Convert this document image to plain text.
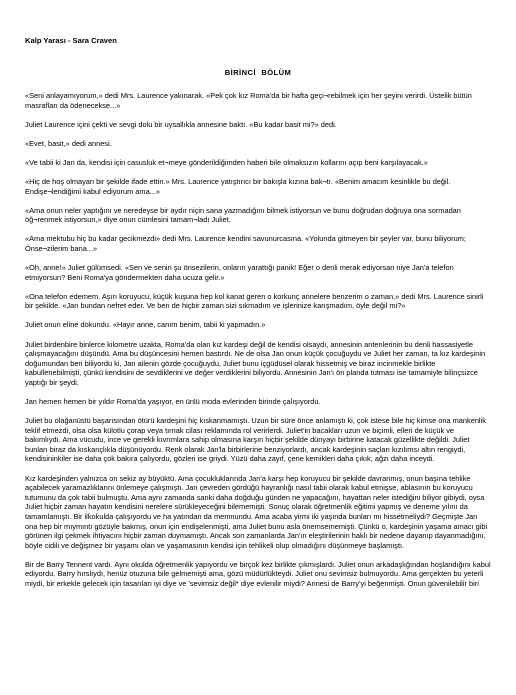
Kalp Yarası - Sara Craven
BİRİNCİ BÖLÜM
«Seni anlayamıyorum,» dedi Mrs. Laurence yakınarak. «Pek çok kız Roma'da bir hafta geçi¬rebilmek için her şeyini verirdi. Üstelik bütün masrafları da ödenecekse...»
Juliet Laurence içini çekti ve sevgi dolu bir uysallıkla annesine baktı. «Bu kadar basit mi?» dedi.
«Evet, basit,» dedi annesi.
«Ve tabii ki Jan da, kendisi için casusluk et¬meye gönderildiğimden haberi bile olmaksızın kollarını açıp beni karşılayacak.»
«Hiç de hoş olmayan bir şekilde ifade ettin.» Mrs. Laurence yatıştırıcı bir bakışla kızına bak¬tı. «Benim amacım kesinlikle bu değil. Endişe¬lendiğimi kabul ediyorum ama...»
«Ama onun neler yaptığını ve neredeyse bir aydır niçin sana yazmadığını bilmek istiyorsun ve bunu doğrudan doğruya ona sormadan öğ¬renmek istiyorsun,» diye onun cümlesini tamam¬ladı Juliet.
«Ama mektubu hiç bu kadar gecikmezdi» dedi Mrs. Laurence kendini savunurcasına. «Yolunda gitmeyen bir şeyler var, bunu biliyorum; Önse¬zilerim bana...»
«Oh, anne!» Juliet gülümsedi. «Sen ve senin şu önsezilerin, onların yarattığı panik! Eğer o denli merak ediyorsan niye Jan'a telefon etmiyorsun? Beni Roma'ya göndermekten daha ucuza gelir.»
«Ona telefon edemem. Aşırı koruyucu, küçük kuşuna hep kol kanat geren o korkunç annelere benzerim o zaman,» dedi Mrs. Laurence sinirli bir şekilde. «Jan bundan nefret eder. Ve ben de hiçbir zaman sizi sıkmadım ve işlerinize karışmadım, öyle değil mi?»
Juliet onun eline dokundu. «Hayır anne, canım benim, tabii ki yapmadın.»
Juliet birdenbire binlerce kilometre uzakta, Roma'da olan kız kardeşi değil de kendisi olsaydı, annesinin antenlerinin bu denli hassasiyetle çalışmayacağını düşündü. Ama bu düşüncesini hemen bastırdı. Ne de olsa Jan onun küçük çocuğuydu ve Juliet her zaman, ta kız kardeşinin doğumundan beri biliyordu ki, Jan ailenin gözde çocuğuydu, Juliet bunu içgüdüsel olarak hissetmiş ve biraz incinmekle birlikte kabullenebilmişti, çünkü kendisini de sevdiklerini ve değer verdiklerini biliyordu. Annesinin Jan'ı ön planda tutması ise tamamiyle bilinçsizce yaptığı bir şeydi.
Jan hemen hemen bir yıldır Roma'da yaşıyor, en ünlü moda evlerinden birinde çalışıyordu.
Juliet bu olağanüstü başarısından ötürü kardeşini hiç kıskanmamıştı. Uzun bir süre önce anlamıştı ki, çok istese bile hiç kimse ona mankenlik teklif etmezdi, olsa olsa külotlu çorap veya tırnak cilası reklamında rol verirlerdi. Juliet'in bacakları uzun ve biçimli, elleri de küçük ve bakımlıydı. Ama vücudu, ince ve gerekli kıvrımlara sahip olmasına karşın hiçbir şekilde dünyayı birbirine katacak güzellikte değildi. Juliet bunları biraz da kıskançlıkla düşünüyordu. Renk olarak Jan'la birbirlerine benziyorlardı, ancak kardeşinin saçları kızılımsı altın rengiydi, kendisininkiler ise daha çok bakıra çalıyordu, gözleri ise griydi. Yüzü daha zayıf, çene kemikleri daha çıkık, ağzı daha inceydi.
Kız kardeşinden yalnızca on sekiz ay büyüktü. Ama çocukluklarında Jan'a karşı hep koruyucu bir şekilde davranmış, onun başına tehlike açabilecek yaramazlıklarını önlemeye çalışmıştı. Jan çevreden gördüğü hayranlığı nasıl tabii olarak kabul etmişse, ablasının bu koruyucu tutumunu da çok tabii bulmuştu. Ama aynı zamanda sanki daha doğduğu günden ne yapacağını, hayattan neler istediğini biliyor gibiydi, oysa Juliet hiçbir zaman hayatın kendisini nerelere sürükleyeceğini bilememişti. Sonuç olarak öğretmenlik eğitimi yapmış ve deneme yılını da tamamlamıştı. Bir ilkokulda çalışıyordu ve ha yatından da memnundu. Ama acaba yirmi iki yaşında bunları mı hissetmeliydi? Geçmişte Jan ona hep bir mıymıntı gözüyle bakmış, onun için endişelenmişti, ama Juliet bunu asla önemsememişti. Çünkü o, kardeşinin yaşama amacı gibi görünen ilgi çekmek ihtiyacını hiçbir zaman duymamıştı. Ancak son zamanlarda Jan'ın eleştirilerinin haklı bir nedene dayanıp dayanmadığını, böyle cidili ve değişmez bir yaşamı olan ve yaşamasının kendisi için tehlikeli olup olmadığını düşünmeye başlamıştı.
Bir de Barry Tennent vardı. Aynı okulda öğretmenlik yapıyordu ve birçok kez birlikte çıkmışlardı. Juliet onun arkadaşlığından hoşlandığını kabul ediyordu. Barry hırslıydı, henüz otuzuna bile gelmemişti ama, gözü müdürlükteydi. Juliet onu sevimsiz bulmuyordu. Ama gerçekten bu yeterli miydi, bir erkekle gelecek için tasarıları iyi diye ve 'sevimsiz değil* diye evlenilir miydi? Annesi de Barry'yi beğenmişti. Onun güvenilebilir biri
